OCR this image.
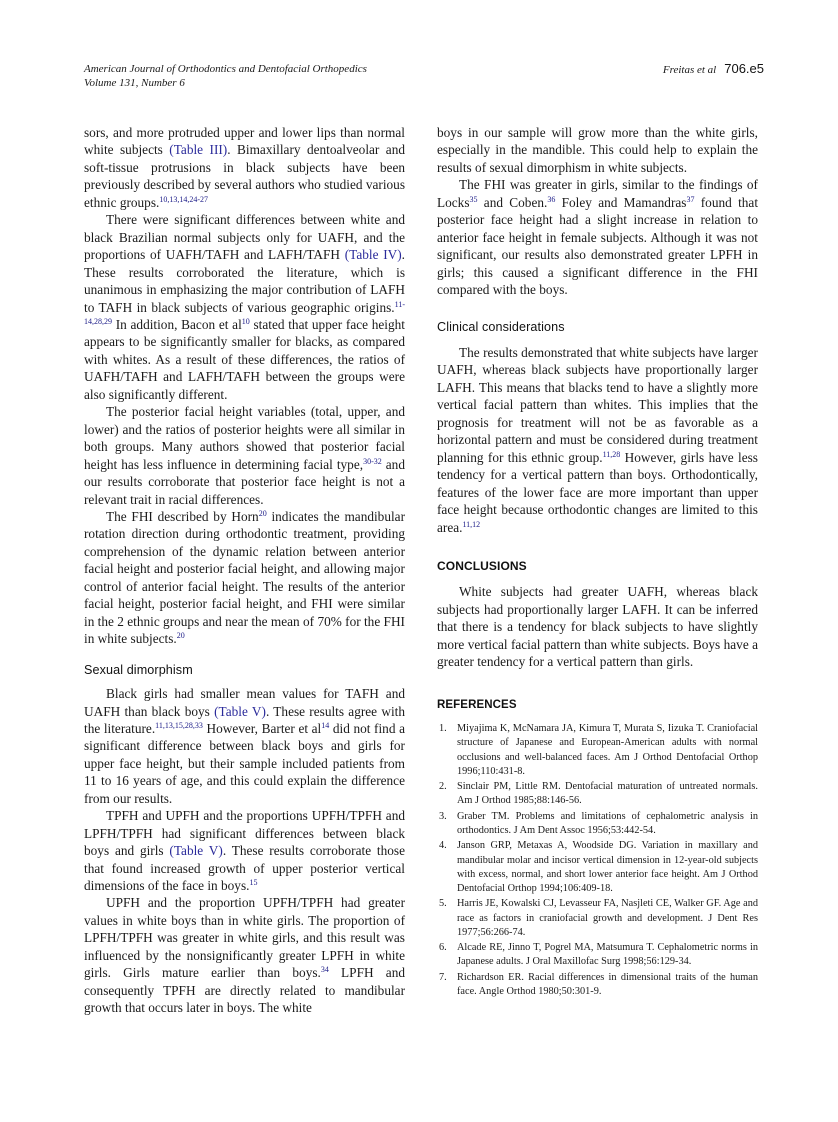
American Journal of Orthodontics and Dentofacial Orthopedics
Volume 131, Number 6
Freitas et al 706.e5

sors, and more protruded upper and lower lips than normal white subjects (Table III). Bimaxillary dentoalveolar and soft-tissue protrusions in black subjects have been previously described by several authors who studied various ethnic groups.$^{10,13,14,24-27}$

There were significant differences between white and black Brazilian normal subjects only for UAFH, and the proportions of UAFH/TAFH and LAFH/TAFH (Table IV). These results corroborated the literature, which is unanimous in emphasizing the major contribution of LAFH to TAFH in black subjects of various geographic origins.$^{11-14,28,29}$ In addition, Bacon et $al^{10}$ stated that upper face height appears to be significantly smaller for blacks, as compared with whites. As a result of these differences, the ratios of UAFH/TAFH and LAFH/TAFH between the groups were also significantly different.

The posterior facial height variables (total, upper, and lower) and the ratios of posterior heights were all similar in both groups. Many authors showed that posterior facial height has less influence in determining facial type,$^{30-32}$ and our results corroborate that posterior face height is not a relevant trait in racial differences.

The FHI described by Horn$^{20}$ indicates the mandibular rotation direction during orthodontic treatment, providing comprehension of the dynamic relation between anterior facial height and posterior facial height, and allowing major control of anterior facial height. The results of the anterior facial height, posterior facial height, and FHI were similar in the 2 ethnic groups and near the mean of 70% for the FHI in white subjects.$^{20}$

Sexual dimorphism

Black girls had smaller mean values for TAFH and UAFH than black boys (Table V). These results agree with the literature.$^{11,13,15,28,33}$ However, Barter et $al^{14}$ did not find a significant difference between black boys and girls for upper face height, but their sample included patients from 11 to 16 years of age, and this could explain the difference from our results.

TPFH and UPFH and the proportions UPFH/TPFH and LPFH/TPFH had significant differences between black boys and girls (Table V). These results corroborate those that found increased growth of upper posterior vertical dimensions of the face in boys.$^{15}$

UPFH and the proportion UPFH/TPFH had greater values in white boys than in white girls. The proportion of LPFH/TPFH was greater in white girls, and this result was influenced by the nonsignificantly greater LPFH in white girls. Girls mature earlier than boys.$^{34}$ LPFH and consequently TPFH are directly related to mandibular growth that occurs later in boys. The white

boys in our sample will grow more than the white girls, especially in the mandible. This could help to explain the results of sexual dimorphism in white subjects.

The FHI was greater in girls, similar to the findings of Locks$^{35}$ and Coben.$^{36}$ Foley and Mamandras$^{37}$ found that posterior face height had a slight increase in relation to anterior face height in female subjects. Although it was not significant, our results also demonstrated greater LPFH in girls; this caused a significant difference in the FHI compared with the boys.

Clinical considerations

The results demonstrated that white subjects have larger UAFH, whereas black subjects have proportionally larger LAFH. This means that blacks tend to have a slightly more vertical facial pattern than whites. This implies that the prognosis for treatment will not be as favorable as a horizontal pattern and must be considered during treatment planning for this ethnic group.$^{11,28}$ However, girls have less tendency for a vertical pattern than boys. Orthodontically, features of the lower face are more important than upper face height because orthodontic changes are limited to this area.$^{11,12}$

CONCLUSIONS

White subjects had greater UAFH, whereas black subjects had proportionally larger LAFH. It can be inferred that there is a tendency for black subjects to have slightly more vertical facial pattern than white subjects. Boys have a greater tendency for a vertical pattern than girls.

REFERENCES
1. Miyajima K, McNamara JA, Kimura T, Murata S, Iizuka T. Craniofacial structure of Japanese and European-American adults with normal occlusions and well-balanced faces. Am J Orthod Dentofacial Orthop 1996;110:431-8.
2. Sinclair PM, Little RM. Dentofacial maturation of untreated normals. Am J Orthod 1985;88:146-56.
3. Graber TM. Problems and limitations of cephalometric analysis in orthodontics. J Am Dent Assoc 1956;53:442-54.
4. Janson GRP, Metaxas A, Woodside DG. Variation in maxillary and mandibular molar and incisor vertical dimension in 12-year-old subjects with excess, normal, and short lower anterior face height. Am J Orthod Dentofacial Orthop 1994;106:409-18.
5. Harris JE, Kowalski CJ, Levasseur FA, Nasjleti CE, Walker GF. Age and race as factors in craniofacial growth and development. J Dent Res 1977;56:266-74.
6. Alcade RE, Jinno T, Pogrel MA, Matsumura T. Cephalometric norms in Japanese adults. J Oral Maxillofac Surg 1998;56:129-34.
7. Richardson ER. Racial differences in dimensional traits of the human face. Angle Orthod 1980;50:301-9.
